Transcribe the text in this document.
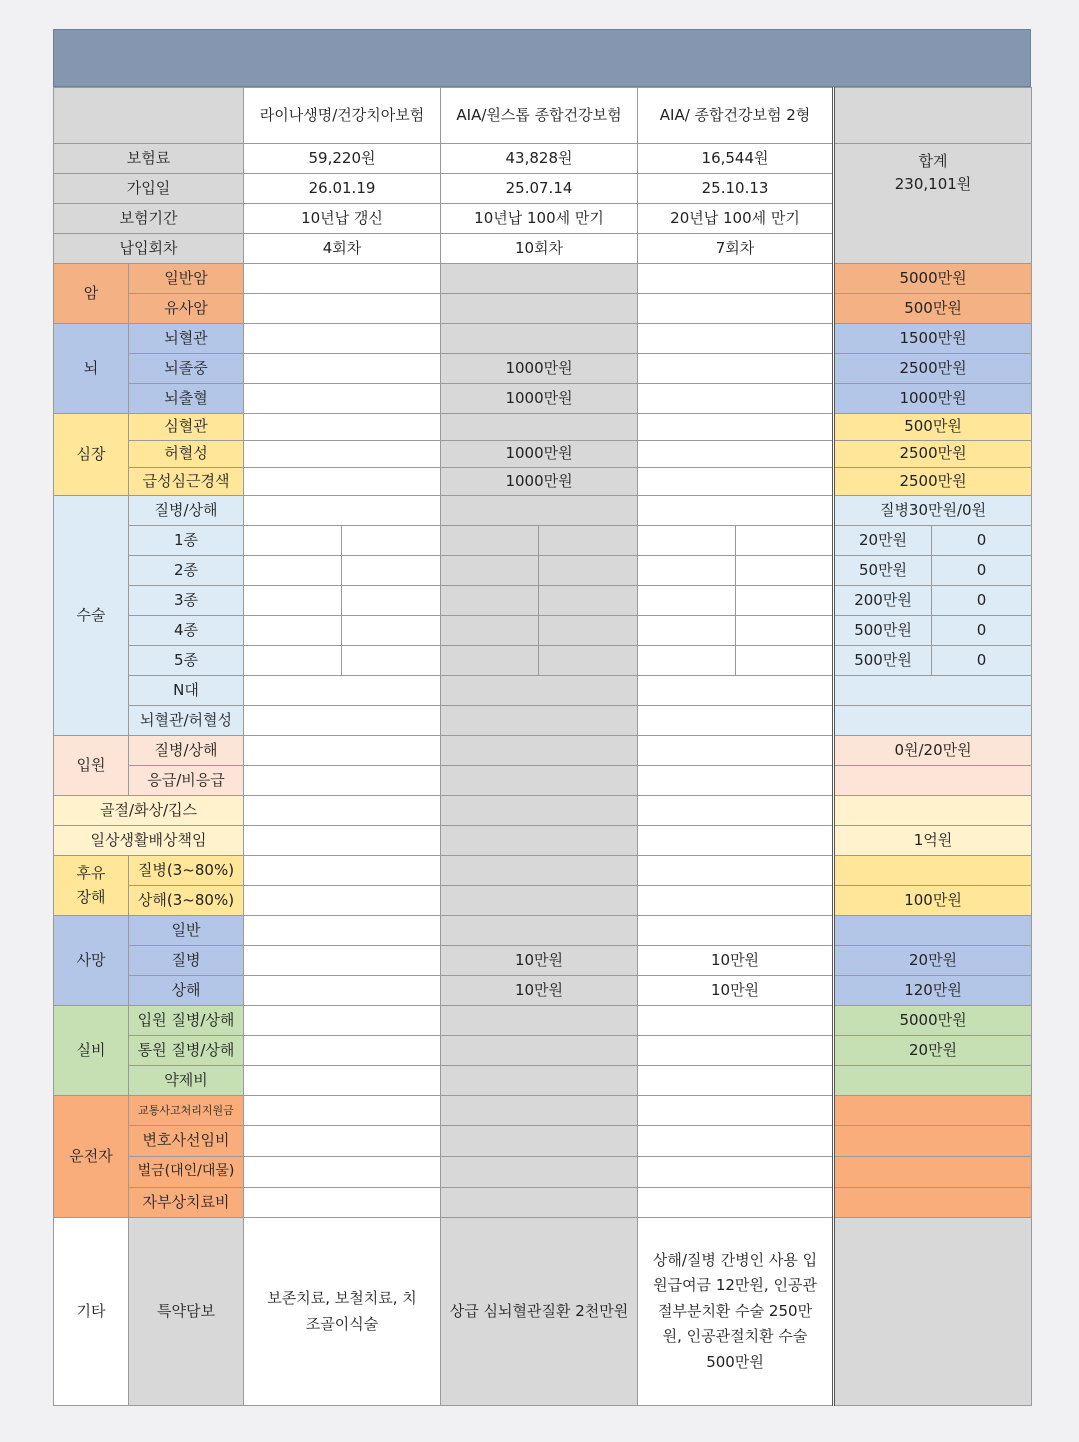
		라이나생명/건강치아보험		AIA/원스톱 종합건강보험		AIA/ 종합건강보험 2형			
보험료		59,220원		43,828원		16,544원		합계
230,101원	

가입일		26.01.19		25.07.14		25.10.13			
보험기간		10년납 갱신		10년납 100세 만기		20년납 100세 만기			
납입회차		4회차		10회차		7회차			
암	일반암							5000만원	
	유사암							500만원	
뇌	뇌혈관							1500만원	
	뇌졸중			1000만원				2500만원	
	뇌출혈			1000만원				1000만원	
심장	심혈관							500만원	
	허혈성			1000만원				2500만원	
	급성심근경색			1000만원				2500만원	
수술	질병/상해							질병30만원/0원	
	1종							20만원	0
	2종							50만원	0
	3종							200만원	0
	4종							500만원	0
	5종							500만원	0
	N대								
	뇌혈관/허혈성								
입원	질병/상해							0원/20만원	
	응급/비응급								
골절/화상/깁스									
일상생활배상책임								1억원	

후유
장해	질병(3~80%)								
	상해(3~80%)							100만원	
사망	일반								
	질병			10만원		10만원		20만원	
	상해			10만원		10만원		120만원	
실비	입원 질병/상해							5000만원	
	통원 질병/상해							20만원	
	약제비								
운전자	교통사고처리지원금								
	변호사선임비								
	벌금(대인/대물)								
	자부상치료비								
기타	특약담보	보존치료, 보철치료, 치조골이식술		상급 심뇌혈관질환 2천만원		상해/질병 간병인 사용 입원급여금 12만원, 인공관절부분치환 수술 250만원, 인공관절치환 수술 500만원			
